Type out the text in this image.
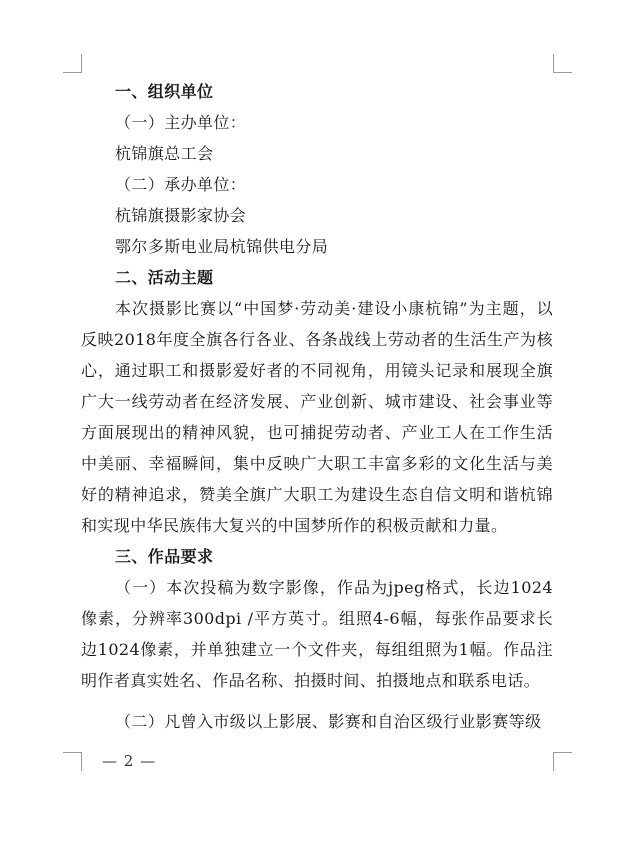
一、组织单位
（一）主办单位：
杭锦旗总工会
（二）承办单位：
杭锦旗摄影家协会
鄂尔多斯电业局杭锦供电分局
二、活动主题

本次摄影比赛以“中国梦·劳动美·建设小康杭锦”为主题，以反映2018年度全旗各行各业、各条战线上劳动者的生活生产为核心，通过职工和摄影爱好者的不同视角，用镜头记录和展现全旗广大一线劳动者在经济发展、产业创新、城市建设、社会事业等方面展现出的精神风貌，也可捕捉劳动者、产业工人在工作生活中美丽、幸福瞬间，集中反映广大职工丰富多彩的文化生活与美好的精神追求，赞美全旗广大职工为建设生态自信文明和谐杭锦和实现中华民族伟大复兴的中国梦所作的积极贡献和力量。

三、作品要求

（一）本次投稿为数字影像，作品为jpeg格式，长边1024像素，分辨率300dpi /平方英寸。组照4-6幅，每张作品要求长边1024像素，并单独建立一个文件夹，每组组照为1幅。作品注明作者真实姓名、作品名称、拍摄时间、拍摄地点和联系电话。

（二）凡曾入市级以上影展、影赛和自治区级行业影赛等级

— 2 —
